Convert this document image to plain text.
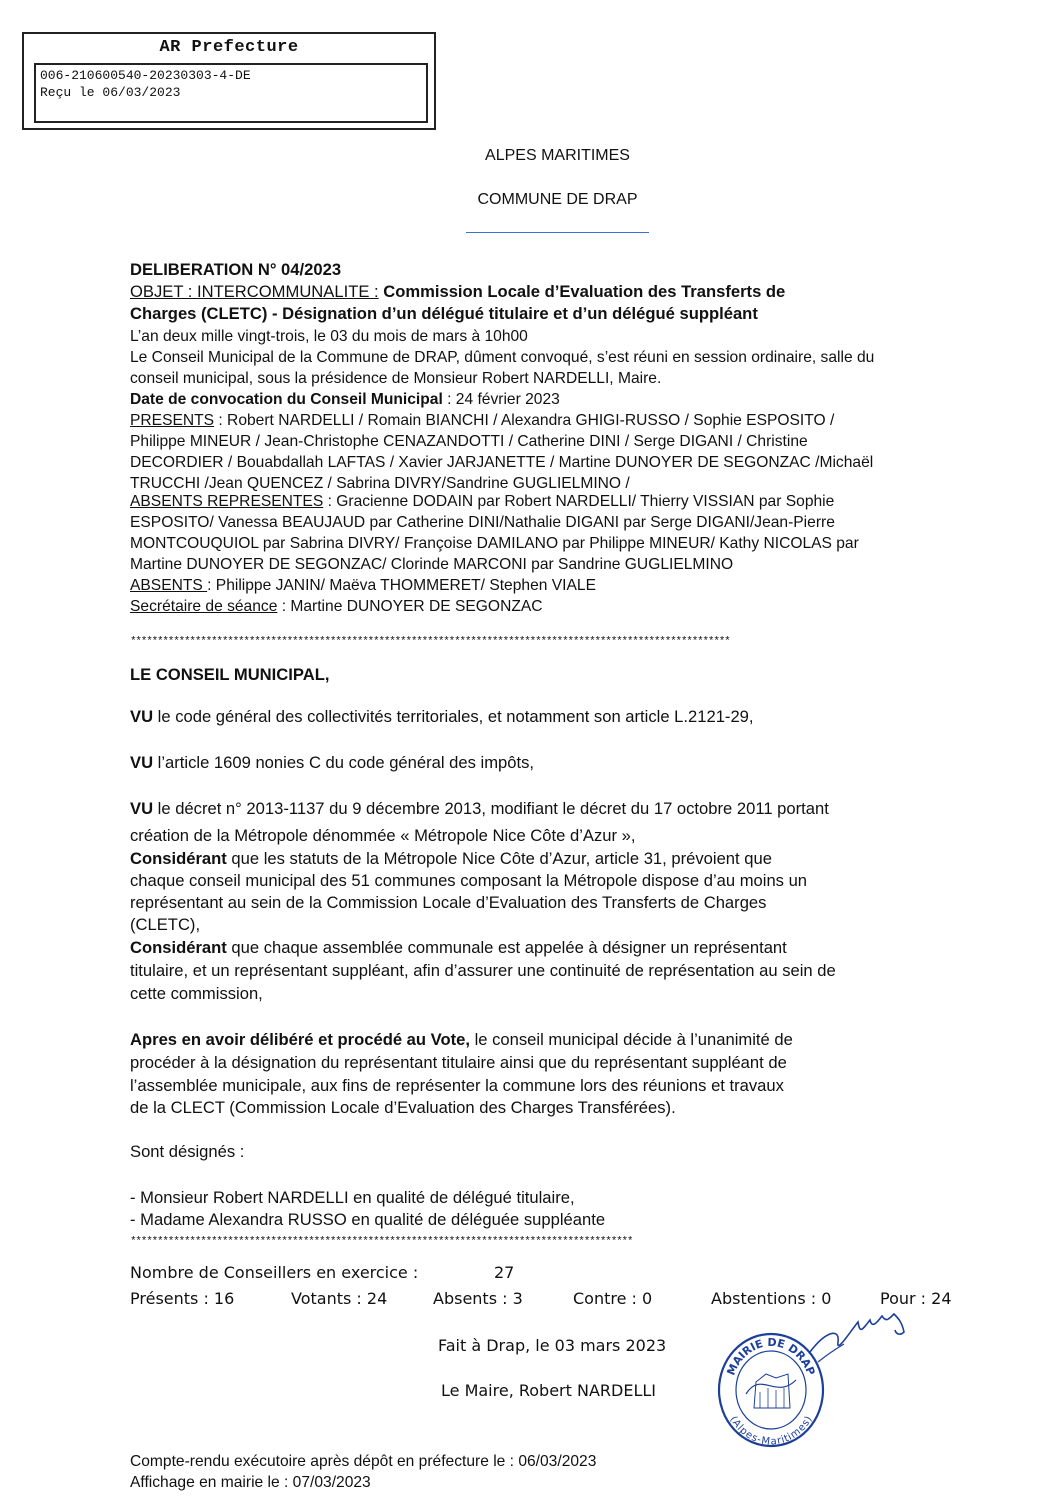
AR Prefecture
006-210600540-20230303-4-DE
Reçu le 06/03/2023
ALPES MARITIMES
COMMUNE DE DRAP
DELIBERATION N° 04/2023
OBJET : INTERCOMMUNALITE : Commission Locale d’Evaluation des Transferts de
Charges (CLETC) - Désignation d’un délégué titulaire et d’un délégué suppléant
L’an deux mille vingt-trois, le 03 du mois de mars à 10h00
Le Conseil Municipal de la Commune de DRAP, dûment convoqué, s’est réuni en session ordinaire, salle du
conseil municipal, sous la présidence de Monsieur Robert NARDELLI, Maire.
Date de convocation du Conseil Municipal : 24 février 2023
PRESENTS : Robert NARDELLI / Romain BIANCHI / Alexandra GHIGI-RUSSO / Sophie ESPOSITO /
Philippe MINEUR / Jean-Christophe CENAZANDOTTI / Catherine DINI / Serge DIGANI / Christine
DECORDIER / Bouabdallah LAFTAS / Xavier JARJANETTE / Martine DUNOYER DE SEGONZAC /Michaël
TRUCCHI /Jean QUENCEZ / Sabrina DIVRY/Sandrine GUGLIELMINO /
ABSENTS REPRESENTES : Gracienne DODAIN par Robert NARDELLI/ Thierry VISSIAN par Sophie
ESPOSITO/ Vanessa BEAUJAUD par Catherine DINI/Nathalie DIGANI par Serge DIGANI/Jean-Pierre
MONTCOUQUIOL par Sabrina DIVRY/ Françoise DAMILANO par Philippe MINEUR/ Kathy NICOLAS par
Martine DUNOYER DE SEGONZAC/ Clorinde MARCONI par Sandrine GUGLIELMINO
ABSENTS : Philippe JANIN/ Maëva THOMMERET/ Stephen VIALE
Secrétaire de séance : Martine DUNOYER DE SEGONZAC
***************************************************************************************************************
LE CONSEIL MUNICIPAL,
VU le code général des collectivités territoriales, et notamment son article L.2121-29,
VU l’article 1609 nonies C du code général des impôts,
VU le décret n° 2013-1137 du 9 décembre 2013, modifiant le décret du 17 octobre 2011 portant
création de la Métropole dénommée « Métropole Nice Côte d’Azur »,
Considérant que les statuts de la Métropole Nice Côte d’Azur, article 31, prévoient que
chaque conseil municipal des 51 communes composant la Métropole dispose d’au moins un
représentant au sein de la Commission Locale d’Evaluation des Transferts de Charges
(CLETC),
Considérant que chaque assemblée communale est appelée à désigner un représentant
titulaire, et un représentant suppléant, afin d’assurer une continuité de représentation au sein de
cette commission,
Apres en avoir délibéré et procédé au Vote, le conseil municipal décide à l’unanimité de
procéder à la désignation du représentant titulaire ainsi que du représentant suppléant de
l’assemblée municipale, aux fins de représenter la commune lors des réunions et travaux
de la CLECT (Commission Locale d’Evaluation des Charges Transférées).
Sont désignés :
- Monsieur Robert NARDELLI en qualité de délégué titulaire,
- Madame Alexandra RUSSO en qualité de déléguée suppléante
*********************************************************************************************
Nombre de Conseillers en exercice :	27
Présents : 16	Votants : 24	Absents : 3	Contre : 0	Abstentions : 0	Pour : 24
Fait à Drap, le 03 mars 2023
Le Maire, Robert NARDELLI
MAIRIE DE DRAP
(Alpes-Maritimes)
Compte-rendu exécutoire après dépôt en préfecture le : 06/03/2023
Affichage en mairie le : 07/03/2023
